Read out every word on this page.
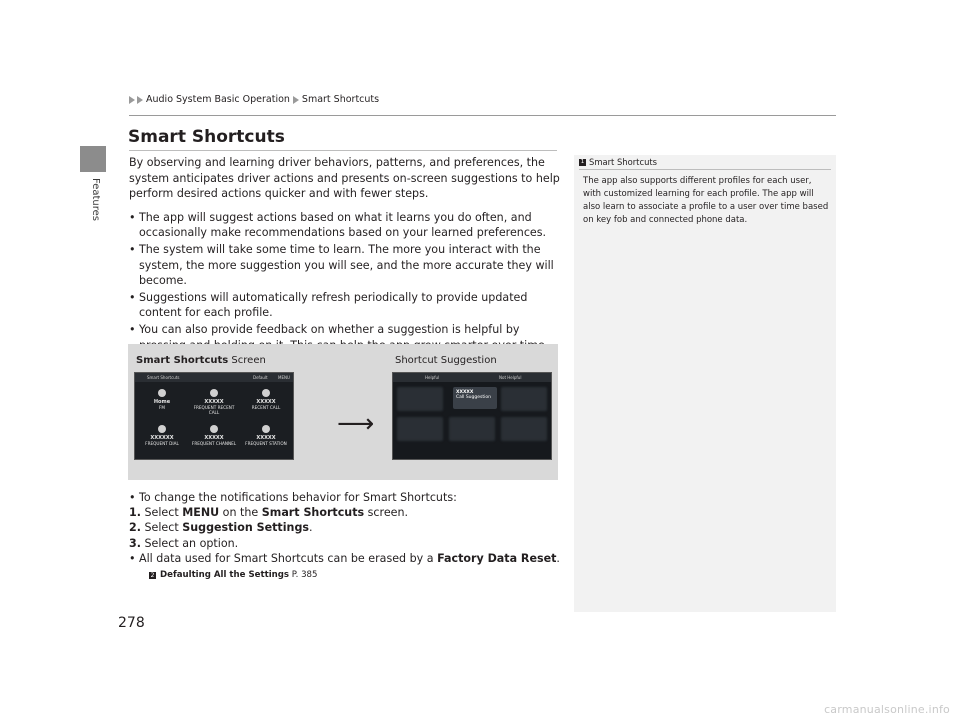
Features
Audio System Basic Operation Smart Shortcuts
Smart Shortcuts

By observing and learning driver behaviors, patterns, and preferences, the system anticipates driver actions and presents on-screen suggestions to help perform desired actions quicker and with fewer steps.

• The app will suggest actions based on what it learns you do often, and occasionally make recommendations based on your learned preferences.
• The system will take some time to learn. The more you interact with the system, the more suggestion you will see, and the more accurate they will become.
• Suggestions will automatically refresh periodically to provide updated content for each profile.
• You can also provide feedback on whether a suggestion is helpful by
Smart Shortcuts Screen	Shortcut Suggestion
Smart Shortcuts	Default	MENU
Home
FM
XXXXX
FREQUENT RECENT CALL
XXXXX
RECENT CALL
XXXXXX
FREQUENT DIAL
XXXXX
FREQUENT CHANNEL
XXXXX
FREQUENT STATION
⟶
Helpful	Not Helpful
XXXXX
Call Suggestion
• To change the notifications behavior for Smart Shortcuts:
1. Select MENU on the Smart Shortcuts screen.
2. Select Suggestion Settings.
3. Select an option.
• All data used for Smart Shortcuts can be erased by a Factory Data Reset.
2 Defaulting All the Settings P. 385
1 Smart Shortcuts
The app also supports different profiles for each user, with customized learning for each profile. The app will also learn to associate a profile to a user over time based on key fob and connected phone data.
278
carmanualsonline.info
